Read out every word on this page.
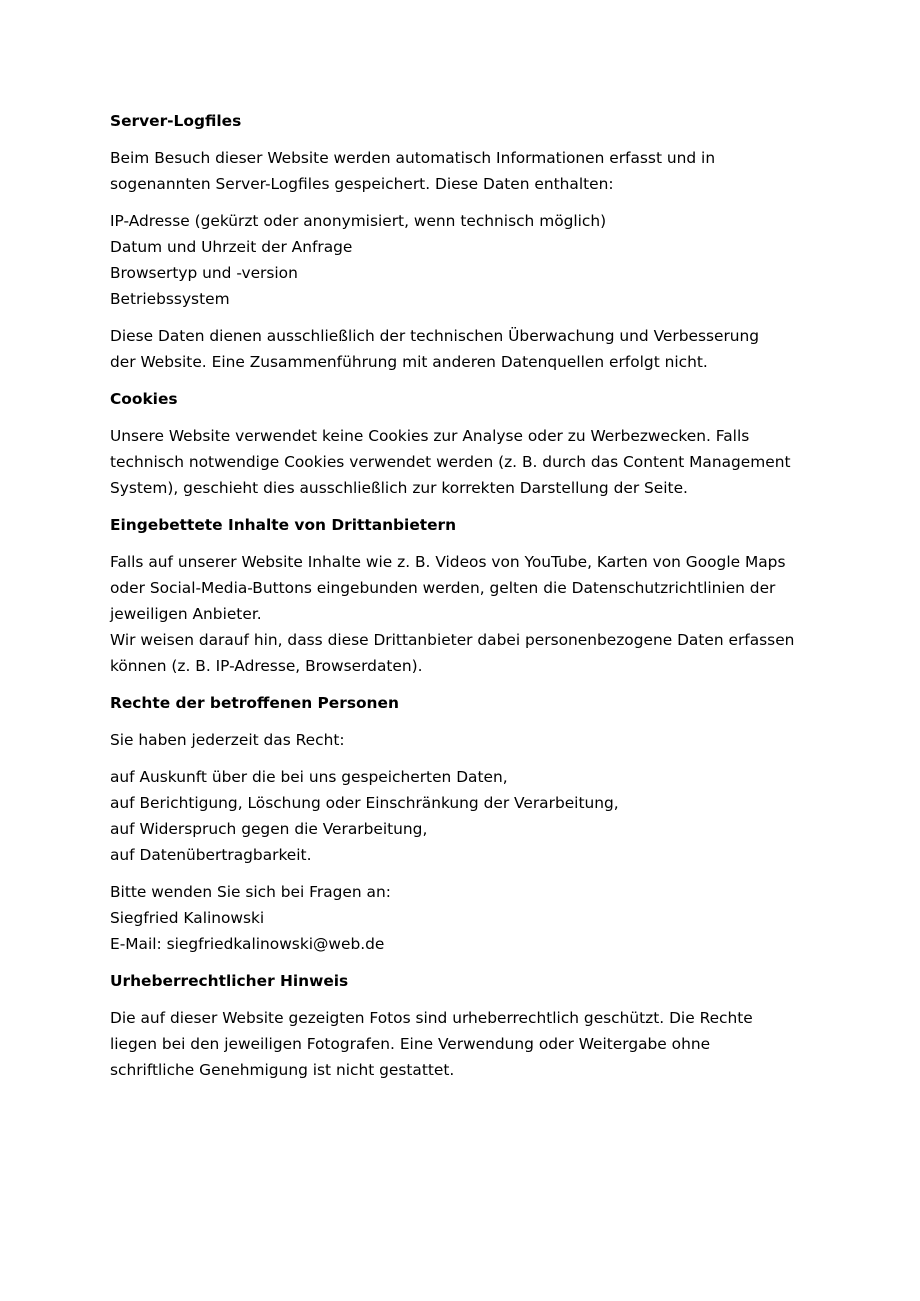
Server-Logfiles

Beim Besuch dieser Website werden automatisch Informationen erfasst und in
sogenannten Server-Logfiles gespeichert. Diese Daten enthalten:

IP-Adresse (gekürzt oder anonymisiert, wenn technisch möglich)
Datum und Uhrzeit der Anfrage
Browsertyp und -version
Betriebssystem

Diese Daten dienen ausschließlich der technischen Überwachung und Verbesserung
der Website. Eine Zusammenführung mit anderen Datenquellen erfolgt nicht.

Cookies

Unsere Website verwendet keine Cookies zur Analyse oder zu Werbezwecken. Falls
technisch notwendige Cookies verwendet werden (z. B. durch das Content Management
System), geschieht dies ausschließlich zur korrekten Darstellung der Seite.

Eingebettete Inhalte von Drittanbietern

Falls auf unserer Website Inhalte wie z. B. Videos von YouTube, Karten von Google Maps
oder Social-Media-Buttons eingebunden werden, gelten die Datenschutzrichtlinien der
jeweiligen Anbieter.
Wir weisen darauf hin, dass diese Drittanbieter dabei personenbezogene Daten erfassen
können (z. B. IP-Adresse, Browserdaten).

Rechte der betroffenen Personen

Sie haben jederzeit das Recht:

auf Auskunft über die bei uns gespeicherten Daten,
auf Berichtigung, Löschung oder Einschränkung der Verarbeitung,
auf Widerspruch gegen die Verarbeitung,
auf Datenübertragbarkeit.

Bitte wenden Sie sich bei Fragen an:
Siegfried Kalinowski
E-Mail: siegfriedkalinowski@web.de

Urheberrechtlicher Hinweis

Die auf dieser Website gezeigten Fotos sind urheberrechtlich geschützt. Die Rechte
liegen bei den jeweiligen Fotografen. Eine Verwendung oder Weitergabe ohne
schriftliche Genehmigung ist nicht gestattet.
